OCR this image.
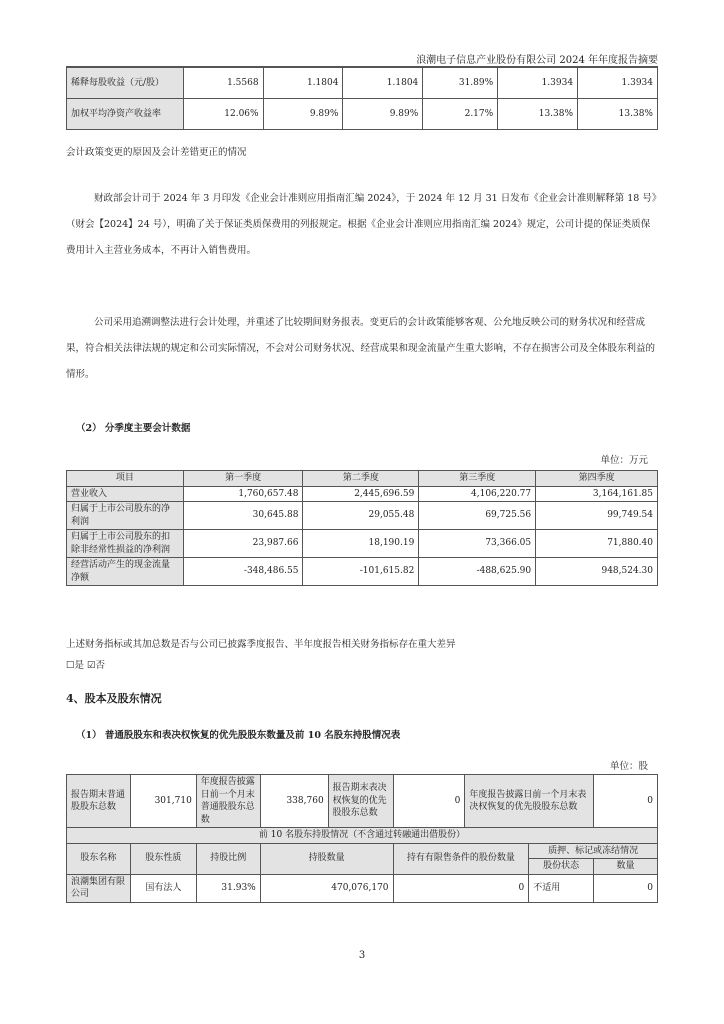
浪潮电子信息产业股份有限公司 2024 年年度报告摘要
稀释每股收益（元/股）	1.5568	1.1804	1.1804	31.89%	1.3934	1.3934
加权平均净资产收益率	12.06%	9.89%	9.89%	2.17%	13.38%	13.38%
会计政策变更的原因及会计差错更正的情况
财政部会计司于 2024 年 3 月印发《企业会计准则应用指南汇编 2024》，于 2024 年 12 月 31 日发布《企业会计准则解释第 18 号》（财会【2024】24 号），明确了关于保证类质保费用的列报规定。根据《企业会计准则应用指南汇编 2024》规定，公司计提的保证类质保费用计入主营业务成本，不再计入销售费用。
公司采用追溯调整法进行会计处理，并重述了比较期间财务报表。变更后的会计政策能够客观、公允地反映公司的财务状况和经营成果，符合相关法律法规的规定和公司实际情况，不会对公司财务状况、经营成果和现金流量产生重大影响，不存在损害公司及全体股东利益的情形。
（2） 分季度主要会计数据
单位：万元
项目	第一季度	第二季度	第三季度	第四季度
营业收入	1,760,657.48	2,445,696.59	4,106,220.77	3,164,161.85
归属于上市公司股东的净利润	30,645.88	29,055.48	69,725.56	99,749.54
归属于上市公司股东的扣除非经常性损益的净利润	23,987.66	18,190.19	73,366.05	71,880.40
经营活动产生的现金流量净额	-348,486.55	-101,615.82	-488,625.90	948,524.30
上述财务指标或其加总数是否与公司已披露季度报告、半年度报告相关财务指标存在重大差异
☐是 ☑否
4、股本及股东情况
（1） 普通股股东和表决权恢复的优先股股东数量及前 10 名股东持股情况表
单位：股
报告期末普通股股东总数	301,710	年度报告披露日前一个月末普通股股东总数	338,760	报告期末表决权恢复的优先股股东总数	0	年度报告披露日前一个月末表决权恢复的优先股股东总数		0
前 10 名股东持股情况（不含通过转融通出借股份）								
股东名称	股东性质	持股比例	持股数量		持有有限售条件的股份数量		质押、标记或冻结情况	
							股份状态	数量
浪潮集团有限公司	国有法人	31.93%	470,076,170		0		不适用	0
3
